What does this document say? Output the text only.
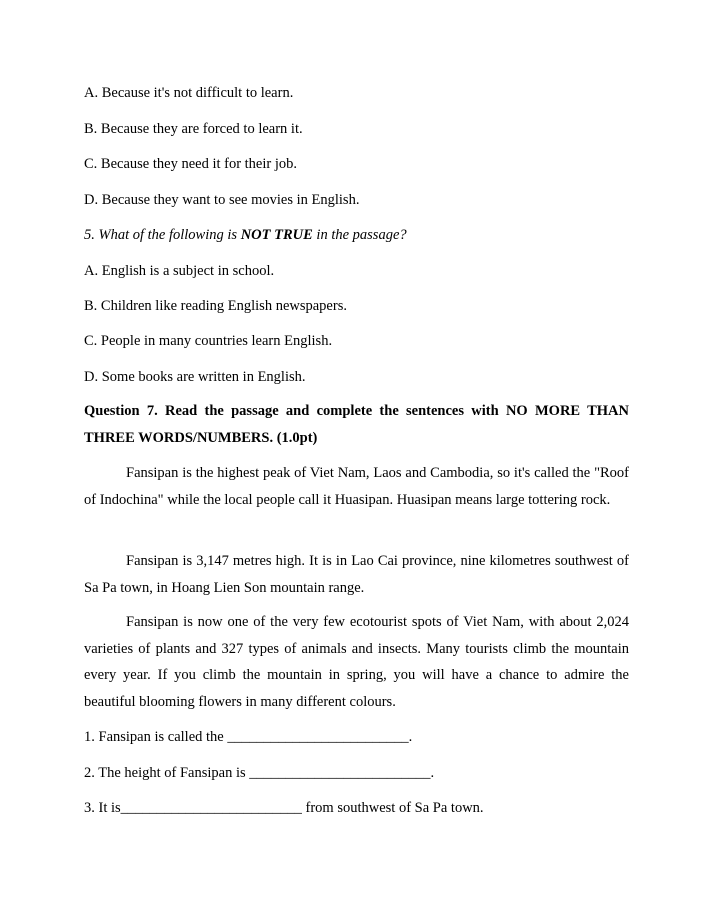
A. Because it's not difficult to learn.
B. Because they are forced to learn it.
C. Because they need it for their job.
D. Because they want to see movies in English.
5. What of the following is NOT TRUE in the passage?
A. English is a subject in school.
B. Children like reading English newspapers.
C. People in many countries learn English.
D. Some books are written in English.
Question 7. Read the passage and complete the sentences with NO MORE THAN THREE WORDS/NUMBERS. (1.0pt)
Fansipan is the highest peak of Viet Nam, Laos and Cambodia, so it's called the "Roof of Indochina" while the local people call it Huasipan. Huasipan means large tottering rock.
Fansipan is 3,147 metres high. It is in Lao Cai province, nine kilometres southwest of Sa Pa town, in Hoang Lien Son mountain range.
Fansipan is now one of the very few ecotourist spots of Viet Nam, with about 2,024 varieties of plants and 327 types of animals and insects. Many tourists climb the mountain every year. If you climb the mountain in spring, you will have a chance to admire the beautiful blooming flowers in many different colours.
1. Fansipan is called the _________________________.
2. The height of Fansipan is _________________________.
3. It is_________________________ from southwest of Sa Pa town.
